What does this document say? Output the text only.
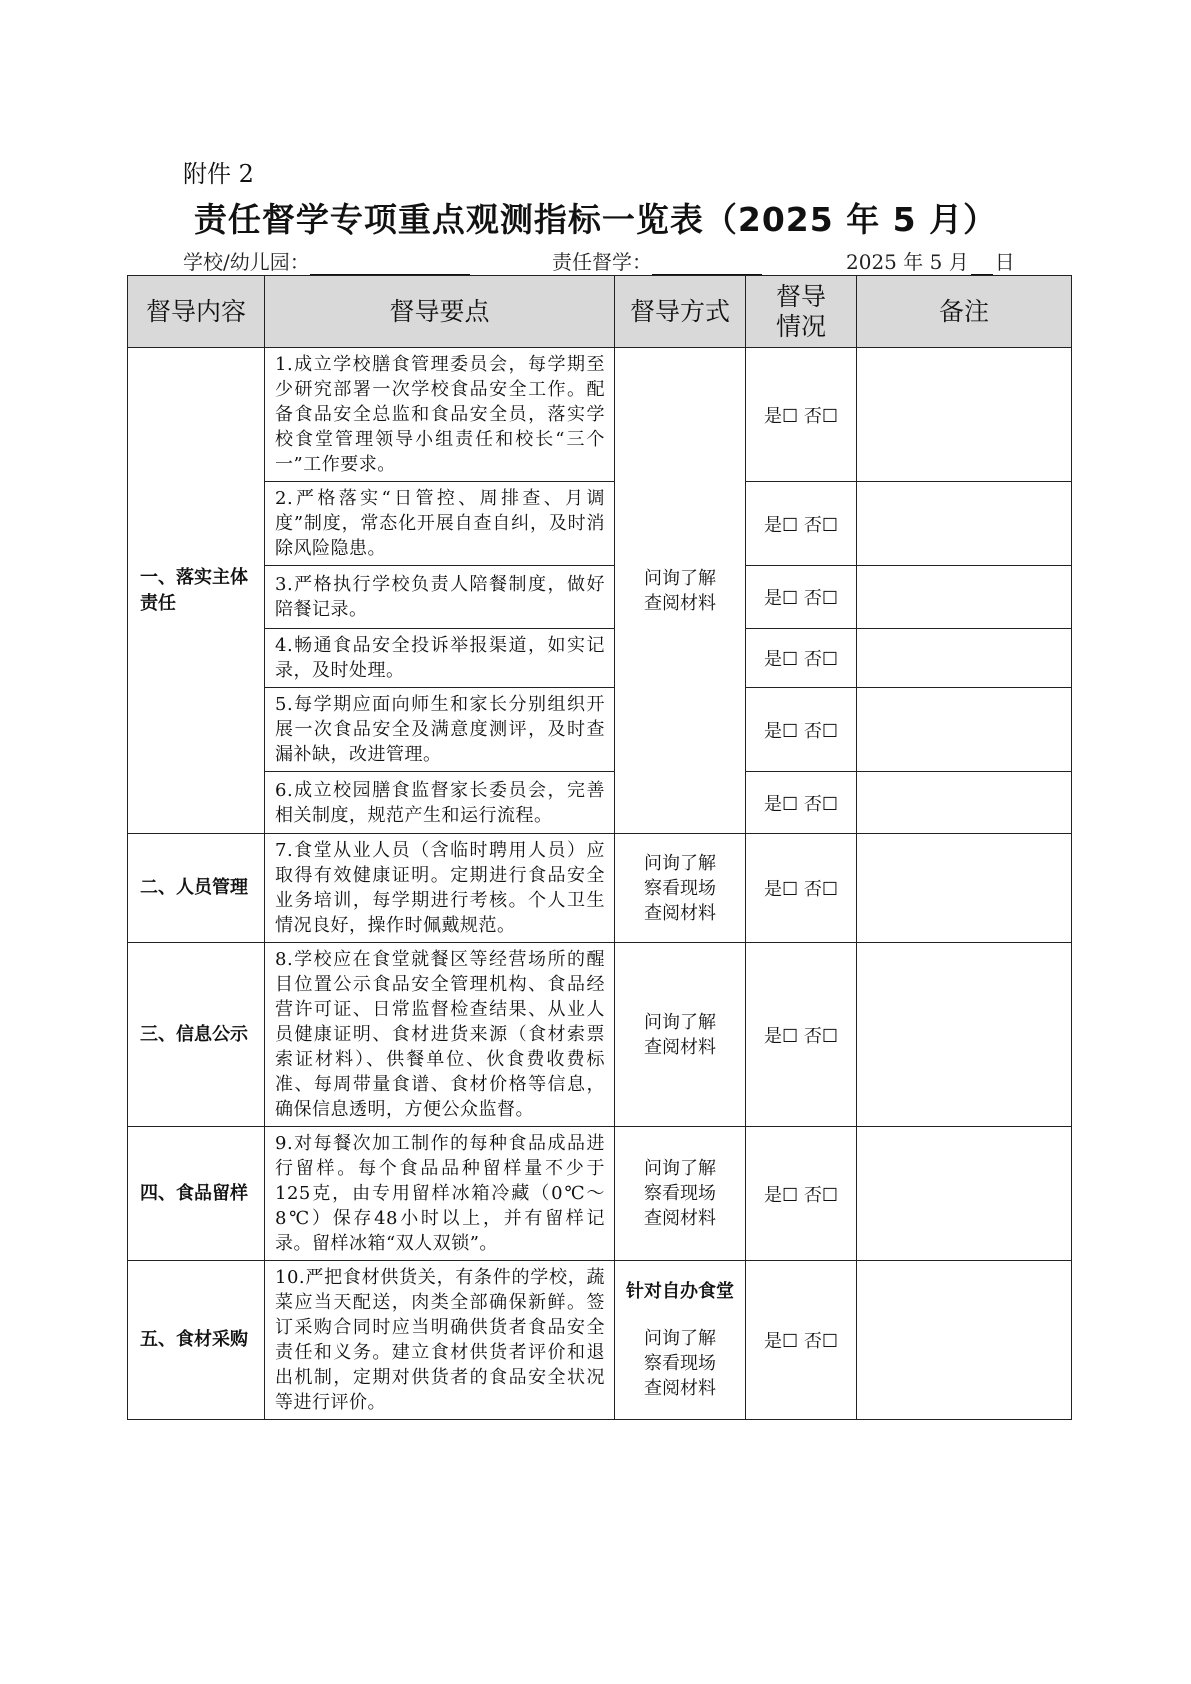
附件 2
责任督学专项重点观测指标一览表（2025 年 5 月）
学校/幼儿园：	责任督学：	2025 年 5 月 日
督导内容	督导要点	督导方式	督导情况	备注
一、落实主体责任	1.成立学校膳食管理委员会，每学期至少研究部署一次学校食品安全工作。配备食品安全总监和食品安全员，落实学校食堂管理领导小组责任和校长“三个一”工作要求。	问询了解
查阅材料	是☐ 否☐	
	2.严格落实“日管控、周排查、月调度”制度，常态化开展自查自纠，及时消除风险隐患。		是☐ 否☐	
	3.严格执行学校负责人陪餐制度，做好陪餐记录。		是☐ 否☐	
	4.畅通食品安全投诉举报渠道，如实记录，及时处理。		是☐ 否☐	
	5.每学期应面向师生和家长分别组织开展一次食品安全及满意度测评，及时查漏补缺，改进管理。		是☐ 否☐	
	6.成立校园膳食监督家长委员会，完善相关制度，规范产生和运行流程。		是☐ 否☐	
二、人员管理	7.食堂从业人员（含临时聘用人员）应取得有效健康证明。定期进行食品安全业务培训，每学期进行考核。个人卫生情况良好，操作时佩戴规范。	问询了解
察看现场
查阅材料	是☐ 否☐	
三、信息公示	8.学校应在食堂就餐区等经营场所的醒目位置公示食品安全管理机构、食品经营许可证、日常监督检查结果、从业人员健康证明、食材进货来源（食材索票索证材料）、供餐单位、伙食费收费标准、每周带量食谱、食材价格等信息，确保信息透明，方便公众监督。	问询了解
查阅材料	是☐ 否☐	
四、食品留样	9.对每餐次加工制作的每种食品成品进行留样。每个食品品种留样量不少于125克，由专用留样冰箱冷藏（0℃～8℃）保存48小时以上，并有留样记录。留样冰箱“双人双锁”。	问询了解
察看现场
查阅材料	是☐ 否☐	
五、食材采购	10.严把食材供货关，有条件的学校，蔬菜应当天配送，肉类全部确保新鲜。签订采购合同时应当明确供货者食品安全责任和义务。建立食材供货者评价和退出机制，定期对供货者的食品安全状况等进行评价。	针对自办食堂
问询了解
察看现场
查阅材料	是☐ 否☐	
